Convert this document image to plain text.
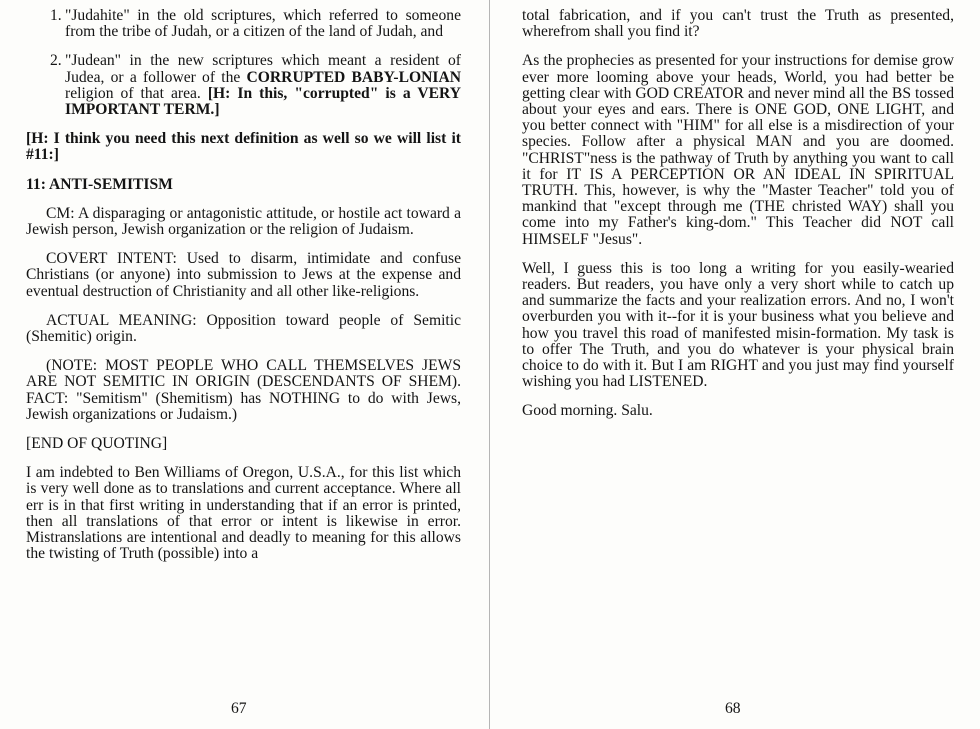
1. "Judahite" in the old scriptures, which referred to someone from the tribe of Judah, or a citizen of the land of Judah, and

2. "Judean" in the new scriptures which meant a resident of Judea, or a follower of the CORRUPTED BABY-LONIAN religion of that area. [H: In this, "corrupted" is a VERY IMPORTANT TERM.]

[H: I think you need this next definition as well so we will list it #11:]

11: ANTI-SEMITISM

CM: A disparaging or antagonistic attitude, or hostile act toward a Jewish person, Jewish organization or the religion of Judaism.

COVERT INTENT: Used to disarm, intimidate and confuse Christians (or anyone) into submission to Jews at the expense and eventual destruction of Christianity and all other like-religions.

ACTUAL MEANING: Opposition toward people of Semitic (Shemitic) origin.

(NOTE: MOST PEOPLE WHO CALL THEMSELVES JEWS ARE NOT SEMITIC IN ORIGIN (DESCENDANTS OF SHEM). FACT: "Semitism" (Shemitism) has NOTHING to do with Jews, Jewish organizations or Judaism.)

[END OF QUOTING]

I am indebted to Ben Williams of Oregon, U.S.A., for this list which is very well done as to translations and current acceptance. Where all err is in that first writing in understanding that if an error is printed, then all translations of that error or intent is likewise in error. Mistranslations are intentional and deadly to meaning for this allows the twisting of Truth (possible) into a

67

total fabrication, and if you can't trust the Truth as presented, wherefrom shall you find it?

As the prophecies as presented for your instructions for demise grow ever more looming above your heads, World, you had better be getting clear with GOD CREATOR and never mind all the BS tossed about your eyes and ears. There is ONE GOD, ONE LIGHT, and you better connect with "HIM" for all else is a misdirection of your species. Follow after a physical MAN and you are doomed. "CHRIST"ness is the pathway of Truth by anything you want to call it for IT IS A PERCEPTION OR AN IDEAL IN SPIRITUAL TRUTH. This, however, is why the "Master Teacher" told you of mankind that "except through me (THE christed WAY) shall you come into my Father's king-dom." This Teacher did NOT call HIMSELF "Jesus".

Well, I guess this is too long a writing for you easily-wearied readers. But readers, you have only a very short while to catch up and summarize the facts and your realization errors. And no, I won't overburden you with it--for it is your business what you believe and how you travel this road of manifested misin-formation. My task is to offer The Truth, and you do whatever is your physical brain choice to do with it. But I am RIGHT and you just may find yourself wishing you had LISTENED.

Good morning. Salu.

68
